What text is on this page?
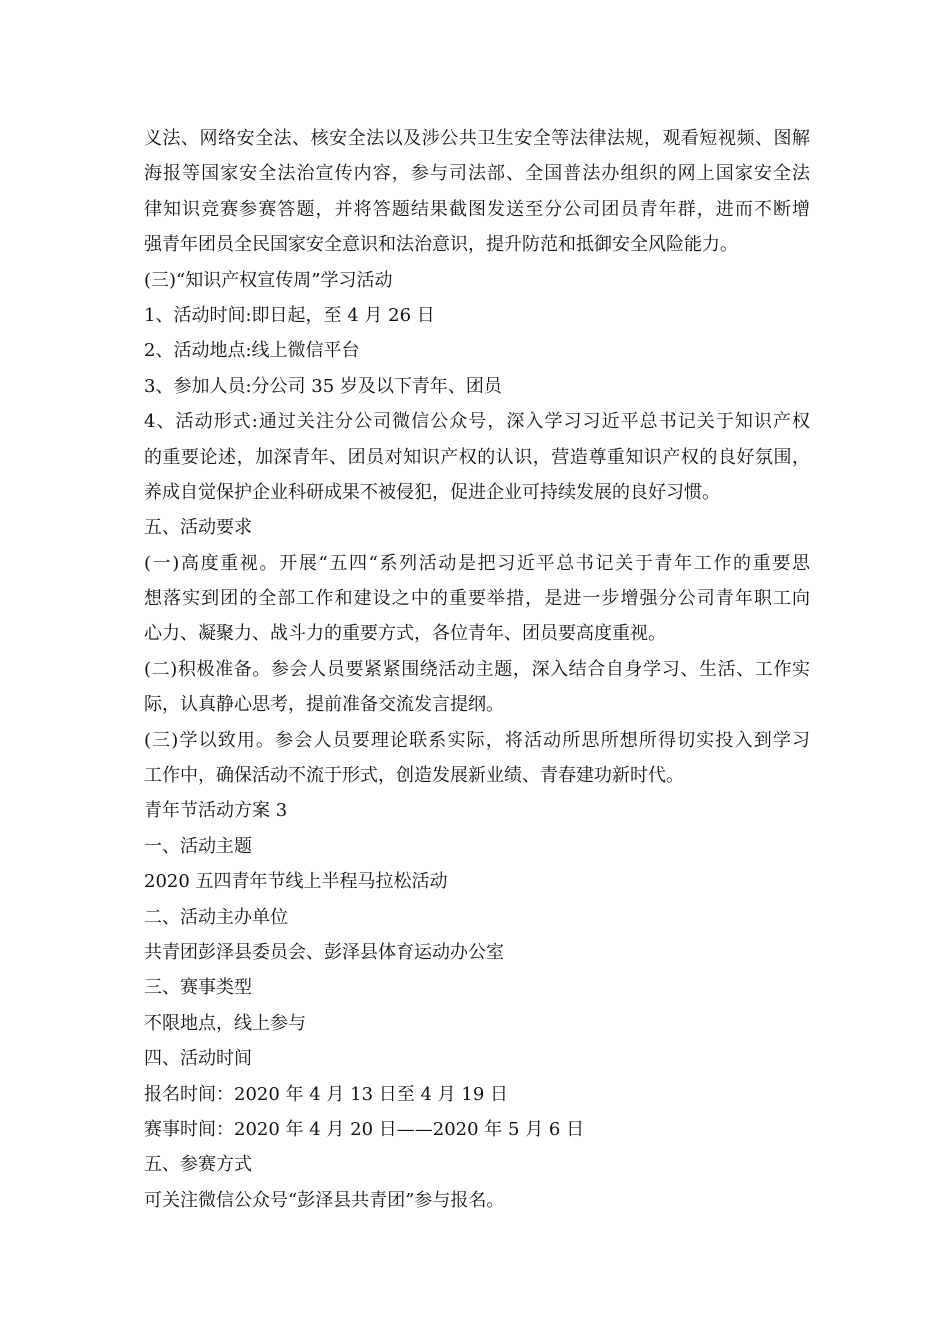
义法、网络安全法、核安全法以及涉公共卫生安全等法律法规，观看短视频、图解
海报等国家安全法治宣传内容，参与司法部、全国普法办组织的网上国家安全法
律知识竞赛参赛答题，并将答题结果截图发送至分公司团员青年群，进而不断增
强青年团员全民国家安全意识和法治意识，提升防范和抵御安全风险能力。
(三)“知识产权宣传周”学习活动
1、活动时间:即日起，至 4 月 26 日
2、活动地点:线上微信平台
3、参加人员:分公司 35 岁及以下青年、团员
4、活动形式:通过关注分公司微信公众号，深入学习习近平总书记关于知识产权
的重要论述，加深青年、团员对知识产权的认识，营造尊重知识产权的良好氛围，
养成自觉保护企业科研成果不被侵犯，促进企业可持续发展的良好习惯。
五、活动要求
(一)高度重视。开展“五四“系列活动是把习近平总书记关于青年工作的重要思
想落实到团的全部工作和建设之中的重要举措，是进一步增强分公司青年职工向
心力、凝聚力、战斗力的重要方式，各位青年、团员要高度重视。
(二)积极准备。参会人员要紧紧围绕活动主题，深入结合自身学习、生活、工作实
际，认真静心思考，提前准备交流发言提纲。
(三)学以致用。参会人员要理论联系实际，将活动所思所想所得切实投入到学习
工作中，确保活动不流于形式，创造发展新业绩、青春建功新时代。
青年节活动方案 3
一、活动主题
2020 五四青年节线上半程马拉松活动
二、活动主办单位
共青团彭泽县委员会、彭泽县体育运动办公室
三、赛事类型
不限地点，线上参与
四、活动时间
报名时间：2020 年 4 月 13 日至 4 月 19 日
赛事时间：2020 年 4 月 20 日——2020 年 5 月 6 日
五、参赛方式
可关注微信公众号“彭泽县共青团”参与报名。
